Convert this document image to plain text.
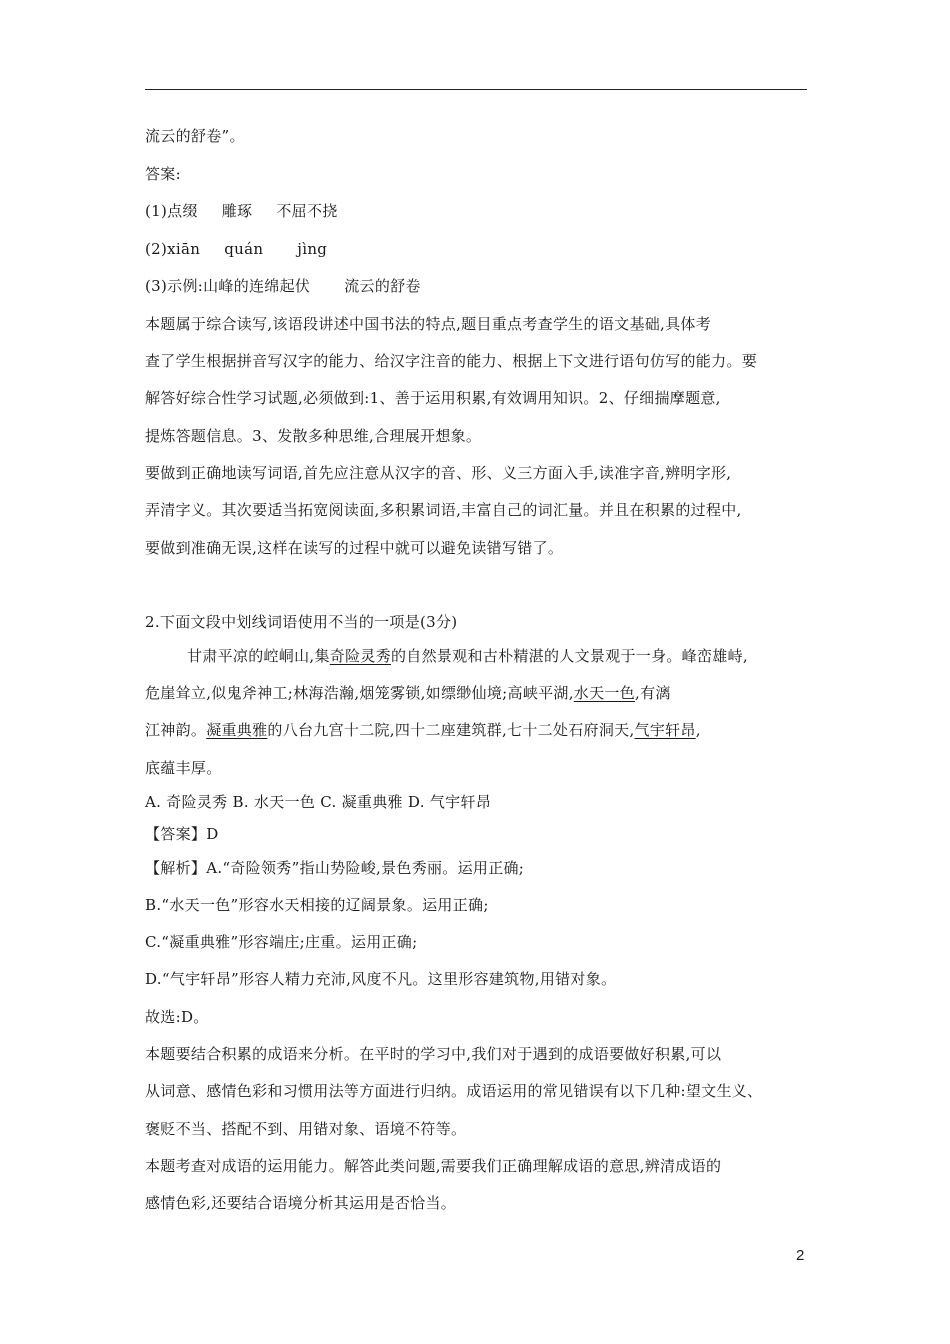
流云的舒卷”。
答案:
(1)点缀 雕琢 不屈不挠
(2)xiān quán jìng
(3)示例:山峰的连绵起伏 流云的舒卷
本题属于综合读写,该语段讲述中国书法的特点,题目重点考查学生的语文基础,具体考
查了学生根据拼音写汉字的能力、给汉字注音的能力、根据上下文进行语句仿写的能力。要
解答好综合性学习试题,必须做到:1、善于运用积累,有效调用知识。2、仔细揣摩题意,
提炼答题信息。3、发散多种思维,合理展开想象。
要做到正确地读写词语,首先应注意从汉字的音、形、义三方面入手,读准字音,辨明字形,
弄清字义。其次要适当拓宽阅读面,多积累词语,丰富自己的词汇量。并且在积累的过程中,
要做到准确无误,这样在读写的过程中就可以避免读错写错了。
2.下面文段中划线词语使用不当的一项是(3分)
甘肃平凉的崆峒山,集奇险灵秀的自然景观和古朴精湛的人文景观于一身。峰峦雄峙,
危崖耸立,似鬼斧神工;林海浩瀚,烟笼雾锁,如缥缈仙境;高峡平湖,水天一色,有漓
江神韵。凝重典雅的八台九宫十二院,四十二座建筑群,七十二处石府洞天,气宇轩昂,
底蕴丰厚。
A. 奇险灵秀 B. 水天一色 C. 凝重典雅 D. 气宇轩昂
【答案】D
【解析】A.“奇险领秀”指山势险峻,景色秀丽。运用正确;
B.“水天一色”形容水天相接的辽阔景象。运用正确;
C.“凝重典雅”形容端庄;庄重。运用正确;
D.“气宇轩昂”形容人精力充沛,风度不凡。这里形容建筑物,用错对象。
故选:D。
本题要结合积累的成语来分析。在平时的学习中,我们对于遇到的成语要做好积累,可以
从词意、感情色彩和习惯用法等方面进行归纳。成语运用的常见错误有以下几种:望文生义、
褒贬不当、搭配不到、用错对象、语境不符等。
本题考查对成语的运用能力。解答此类问题,需要我们正确理解成语的意思,辨清成语的
感情色彩,还要结合语境分析其运用是否恰当。
2
